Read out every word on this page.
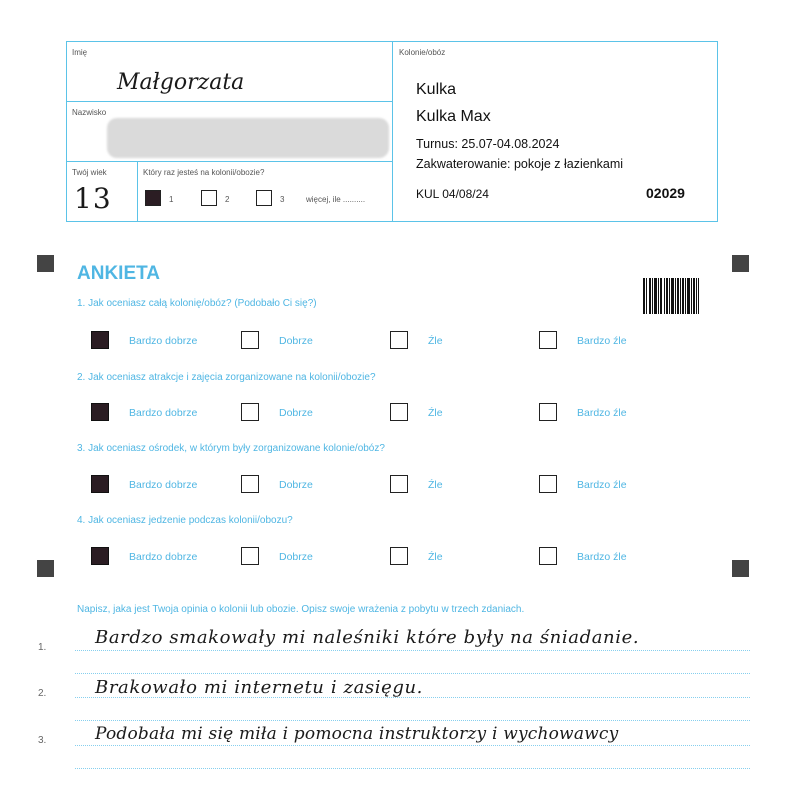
Imię
Małgorzata
Nazwisko
Twój wiek
13
Który raz jesteś na kolonii/obozie?
1	2	3	więcej, ile ..........
Kolonie/obóz
Kulka
Kulka Max
Turnus: 25.07-04.08.2024
Zakwaterowanie: pokoje z łazienkami
KUL 04/08/24	02029
ANKIETA
1. Jak oceniasz całą kolonię/obóz? (Podobało Ci się?)
Bardzo dobrze	Dobrze	Źle	Bardzo źle
2. Jak oceniasz atrakcje i zajęcia zorganizowane na kolonii/obozie?
Bardzo dobrze	Dobrze	Źle	Bardzo źle
3. Jak oceniasz ośrodek, w którym były zorganizowane kolonie/obóz?
Bardzo dobrze	Dobrze	Źle	Bardzo źle
4. Jak oceniasz jedzenie podczas kolonii/obozu?
Bardzo dobrze	Dobrze	Źle	Bardzo źle
Napisz, jaka jest Twoja opinia o kolonii lub obozie. Opisz swoje wrażenia z pobytu w trzech zdaniach.
1.	Bardzo smakowały mi naleśniki które były na śniadanie.
2.	Brakowało mi internetu i zasięgu.
3.	Podobała mi się miła i pomocna instruktorzy i wychowawcy
